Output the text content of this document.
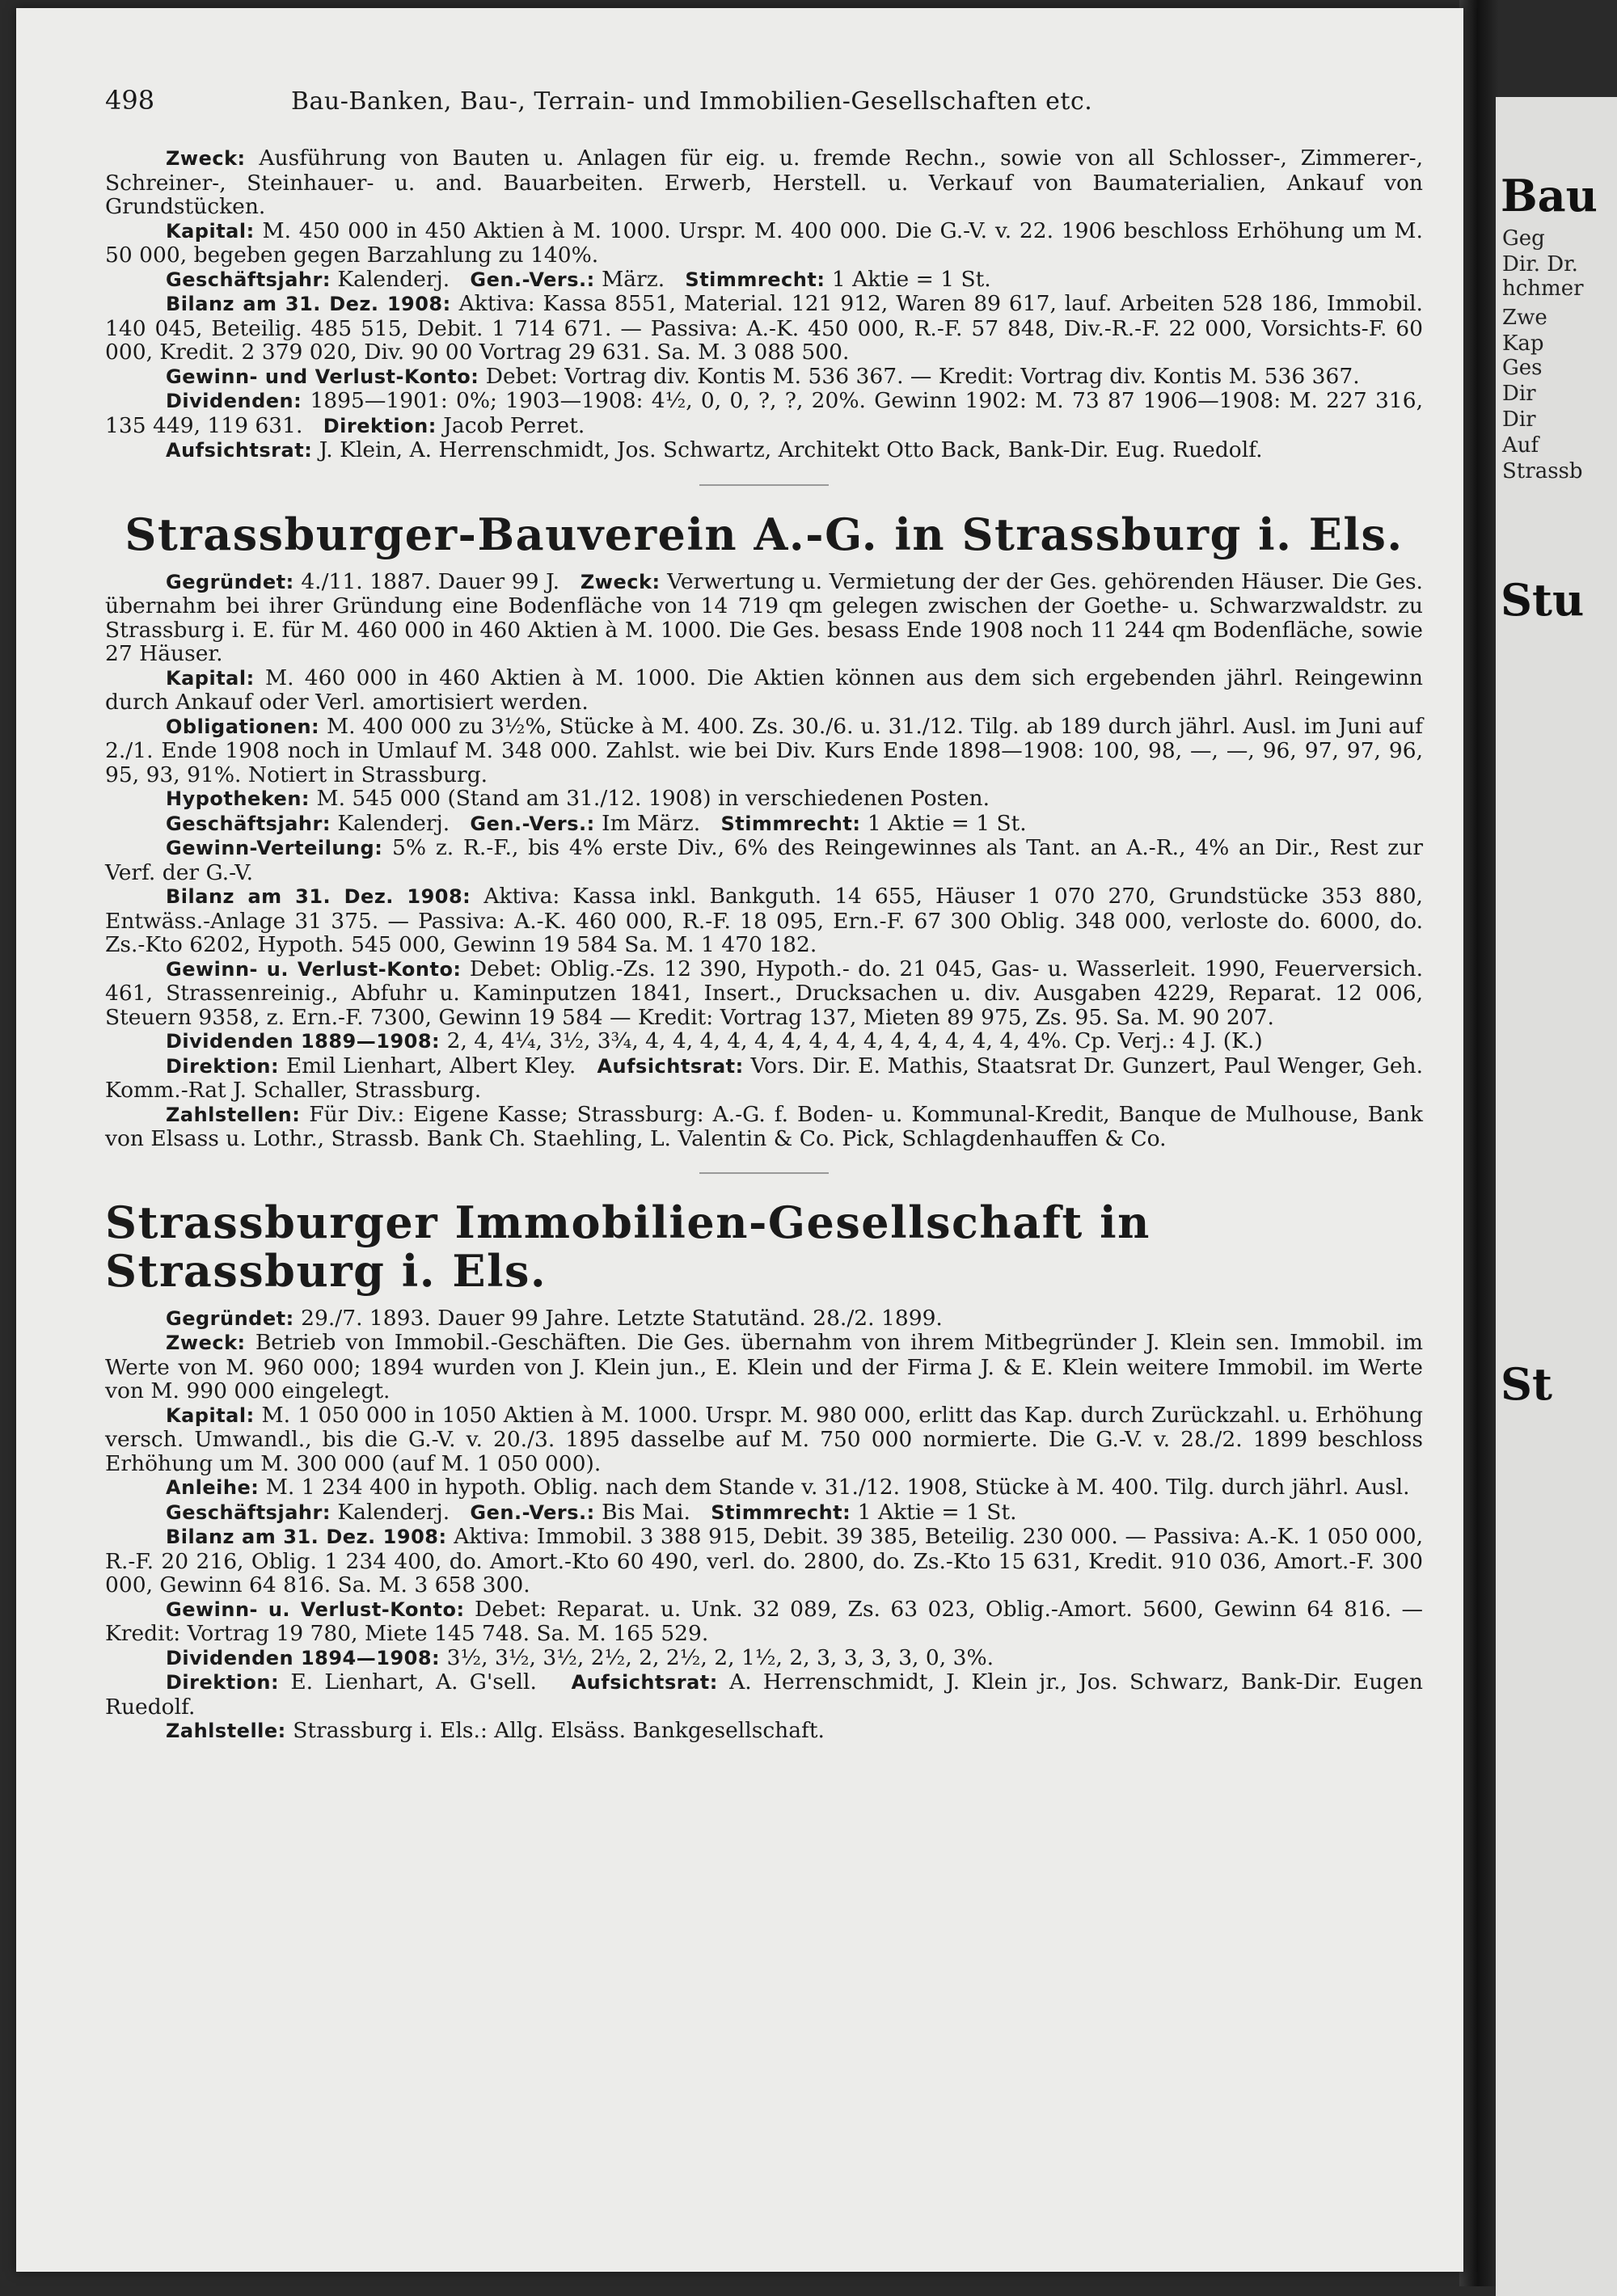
Bau
Geg
Dir. Dr.
hchmer
Zwe
Kap
Ges
Dir
Dir
Auf
Strassb
Stu
St
498	Bau-Banken, Bau-, Terrain- und Immobilien-Gesellschaften etc.

Zweck: Ausführung von Bauten u. Anlagen für eig. u. fremde Rechn., sowie von all Schlosser-, Zimmerer-, Schreiner-, Steinhauer- u. and. Bauarbeiten. Erwerb, Herstell. u. Verkauf von Baumaterialien, Ankauf von Grundstücken.

Kapital: M. 450 000 in 450 Aktien à M. 1000. Urspr. M. 400 000. Die G.-V. v. 22. 1906 beschloss Erhöhung um M. 50 000, begeben gegen Barzahlung zu 140%.

Geschäftsjahr: Kalenderj. Gen.-Vers.: März. Stimmrecht: 1 Aktie = 1 St.

Bilanz am 31. Dez. 1908: Aktiva: Kassa 8551, Material. 121 912, Waren 89 617, lauf. Arbeiten 528 186, Immobil. 140 045, Beteilig. 485 515, Debit. 1 714 671. — Passiva: A.-K. 450 000, R.-F. 57 848, Div.-R.-F. 22 000, Vorsichts-F. 60 000, Kredit. 2 379 020, Div. 90 00 Vortrag 29 631. Sa. M. 3 088 500.

Gewinn- und Verlust-Konto: Debet: Vortrag div. Kontis M. 536 367. — Kredit: Vortrag div. Kontis M. 536 367.

Dividenden: 1895—1901: 0%; 1903—1908: 4½, 0, 0, ?, ?, 20%. Gewinn 1902: M. 73 87 1906—1908: M. 227 316, 135 449, 119 631. Direktion: Jacob Perret.

Aufsichtsrat: J. Klein, A. Herrenschmidt, Jos. Schwartz, Architekt Otto Back, Bank-Dir. Eug. Ruedolf.

Strassburger-Bauverein A.-G. in Strassburg i. Els.

Gegründet: 4./11. 1887. Dauer 99 J. Zweck: Verwertung u. Vermietung der der Ges. gehörenden Häuser. Die Ges. übernahm bei ihrer Gründung eine Bodenfläche von 14 719 qm gelegen zwischen der Goethe- u. Schwarzwaldstr. zu Strassburg i. E. für M. 460 000 in 460 Aktien à M. 1000. Die Ges. besass Ende 1908 noch 11 244 qm Bodenfläche, sowie 27 Häuser.

Kapital: M. 460 000 in 460 Aktien à M. 1000. Die Aktien können aus dem sich ergebenden jährl. Reingewinn durch Ankauf oder Verl. amortisiert werden.

Obligationen: M. 400 000 zu 3½%, Stücke à M. 400. Zs. 30./6. u. 31./12. Tilg. ab 189 durch jährl. Ausl. im Juni auf 2./1. Ende 1908 noch in Umlauf M. 348 000. Zahlst. wie bei Div. Kurs Ende 1898—1908: 100, 98, —, —, 96, 97, 97, 96, 95, 93, 91%. Notiert in Strassburg.

Hypotheken: M. 545 000 (Stand am 31./12. 1908) in verschiedenen Posten.

Geschäftsjahr: Kalenderj. Gen.-Vers.: Im März. Stimmrecht: 1 Aktie = 1 St.

Gewinn-Verteilung: 5% z. R.-F., bis 4% erste Div., 6% des Reingewinnes als Tant. an A.-R., 4% an Dir., Rest zur Verf. der G.-V.

Bilanz am 31. Dez. 1908: Aktiva: Kassa inkl. Bankguth. 14 655, Häuser 1 070 270, Grundstücke 353 880, Entwäss.-Anlage 31 375. — Passiva: A.-K. 460 000, R.-F. 18 095, Ern.-F. 67 300 Oblig. 348 000, verloste do. 6000, do. Zs.-Kto 6202, Hypoth. 545 000, Gewinn 19 584 Sa. M. 1 470 182.

Gewinn- u. Verlust-Konto: Debet: Oblig.-Zs. 12 390, Hypoth.- do. 21 045, Gas- u. Wasserleit. 1990, Feuerversich. 461, Strassenreinig., Abfuhr u. Kaminputzen 1841, Insert., Drucksachen u. div. Ausgaben 4229, Reparat. 12 006, Steuern 9358, z. Ern.-F. 7300, Gewinn 19 584 — Kredit: Vortrag 137, Mieten 89 975, Zs. 95. Sa. M. 90 207.

Dividenden 1889—1908: 2, 4, 4¼, 3½, 3¾, 4, 4, 4, 4, 4, 4, 4, 4, 4, 4, 4, 4, 4, 4, 4%. Cp. Verj.: 4 J. (K.)

Direktion: Emil Lienhart, Albert Kley. Aufsichtsrat: Vors. Dir. E. Mathis, Staatsrat Dr. Gunzert, Paul Wenger, Geh. Komm.-Rat J. Schaller, Strassburg.

Zahlstellen: Für Div.: Eigene Kasse; Strassburg: A.-G. f. Boden- u. Kommunal-Kredit, Banque de Mulhouse, Bank von Elsass u. Lothr., Strassb. Bank Ch. Staehling, L. Valentin & Co. Pick, Schlagdenhauffen & Co.

Strassburger Immobilien-Gesellschaft in Strassburg i. Els.

Gegründet: 29./7. 1893. Dauer 99 Jahre. Letzte Statutänd. 28./2. 1899.

Zweck: Betrieb von Immobil.-Geschäften. Die Ges. übernahm von ihrem Mitbegründer J. Klein sen. Immobil. im Werte von M. 960 000; 1894 wurden von J. Klein jun., E. Klein und der Firma J. & E. Klein weitere Immobil. im Werte von M. 990 000 eingelegt.

Kapital: M. 1 050 000 in 1050 Aktien à M. 1000. Urspr. M. 980 000, erlitt das Kap. durch Zurückzahl. u. Erhöhung versch. Umwandl., bis die G.-V. v. 20./3. 1895 dasselbe auf M. 750 000 normierte. Die G.-V. v. 28./2. 1899 beschloss Erhöhung um M. 300 000 (auf M. 1 050 000).

Anleihe: M. 1 234 400 in hypoth. Oblig. nach dem Stande v. 31./12. 1908, Stücke à M. 400. Tilg. durch jährl. Ausl.

Geschäftsjahr: Kalenderj. Gen.-Vers.: Bis Mai. Stimmrecht: 1 Aktie = 1 St.

Bilanz am 31. Dez. 1908: Aktiva: Immobil. 3 388 915, Debit. 39 385, Beteilig. 230 000. — Passiva: A.-K. 1 050 000, R.-F. 20 216, Oblig. 1 234 400, do. Amort.-Kto 60 490, verl. do. 2800, do. Zs.-Kto 15 631, Kredit. 910 036, Amort.-F. 300 000, Gewinn 64 816. Sa. M. 3 658 300.

Gewinn- u. Verlust-Konto: Debet: Reparat. u. Unk. 32 089, Zs. 63 023, Oblig.-Amort. 5600, Gewinn 64 816. — Kredit: Vortrag 19 780, Miete 145 748. Sa. M. 165 529.

Dividenden 1894—1908: 3½, 3½, 3½, 2½, 2, 2½, 2, 1½, 2, 3, 3, 3, 3, 0, 3%.

Direktion: E. Lienhart, A. G'sell. Aufsichtsrat: A. Herrenschmidt, J. Klein jr., Jos. Schwarz, Bank-Dir. Eugen Ruedolf.

Zahlstelle: Strassburg i. Els.: Allg. Elsäss. Bankgesellschaft.
